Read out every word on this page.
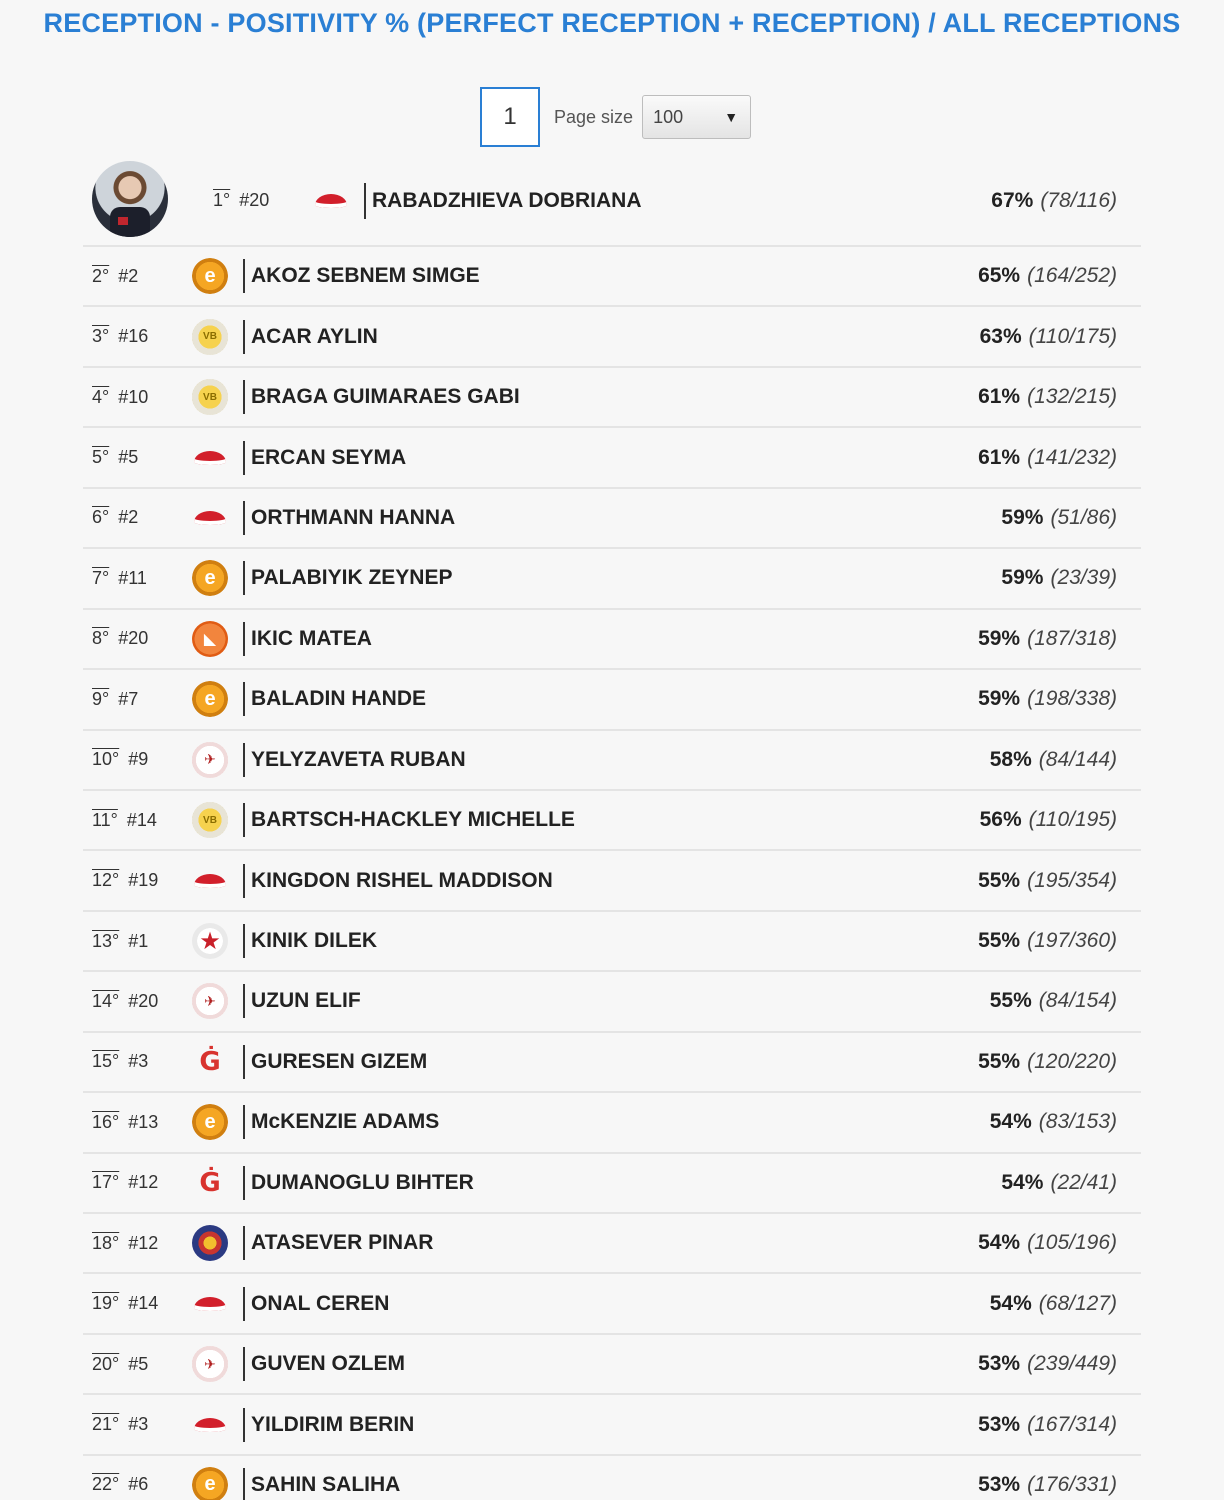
RECEPTION - POSITIVITY % (PERFECT RECEPTION + RECEPTION) / ALL RECEPTIONS
1	Page size 100	▼
1° #20	RABADZHIEVA DOBRIANA	67% (78/116)
2° #2	e	AKOZ SEBNEM SIMGE	65% (164/252)
3° #16	VB	ACAR AYLIN	63% (110/175)
4° #10	VB	BRAGA GUIMARAES GABI	61% (132/215)
5° #5	ERCAN SEYMA	61% (141/232)
6° #2	ORTHMANN HANNA	59% (51/86)
7° #11	e	PALABIYIK ZEYNEP	59% (23/39)
8° #20	◣	IKIC MATEA	59% (187/318)
9° #7	e	BALADIN HANDE	59% (198/338)
10° #9	✈	YELYZAVETA RUBAN	58% (84/144)
11° #14	VB	BARTSCH-HACKLEY MICHELLE	56% (110/195)
12° #19	KINGDON RISHEL MADDISON	55% (195/354)
13° #1	★	KINIK DILEK	55% (197/360)
14° #20	✈	UZUN ELIF	55% (84/154)
15° #3 Ġ	GURESEN GIZEM	55% (120/220)
16° #13	e	McKENZIE ADAMS	54% (83/153)
17° #12 Ġ	DUMANOGLU BIHTER	54% (22/41)
18° #12	✺	ATASEVER PINAR	54% (105/196)
19° #14	ONAL CEREN	54% (68/127)
20° #5	✈	GUVEN OZLEM	53% (239/449)
21° #3	YILDIRIM BERIN	53% (167/314)
22° #6	e	SAHIN SALIHA	53% (176/331)
